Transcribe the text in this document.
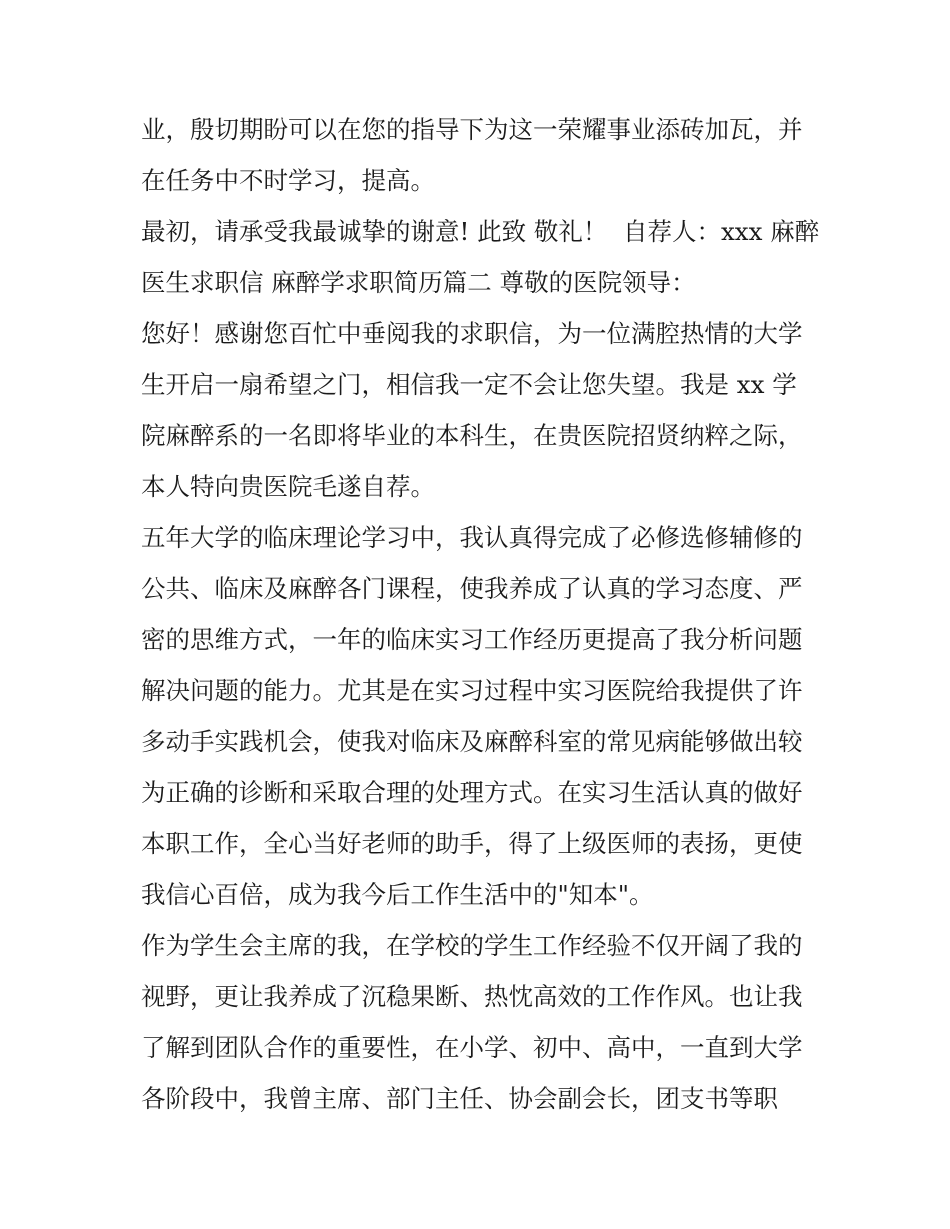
业，殷切期盼可以在您的指导下为这一荣耀事业添砖加瓦，并
在任务中不时学习，提高。
最初，请承受我最诚挚的谢意! 此致 敬礼！  自荐人：xxx 麻醉
医生求职信 麻醉学求职简历篇二 尊敬的医院领导：
您好！感谢您百忙中垂阅我的求职信，为一位满腔热情的大学
生开启一扇希望之门，相信我一定不会让您失望。我是 xx 学
院麻醉系的一名即将毕业的本科生，在贵医院招贤纳粹之际，
本人特向贵医院毛遂自荐。
五年大学的临床理论学习中，我认真得完成了必修选修辅修的
公共、临床及麻醉各门课程，使我养成了认真的学习态度、严
密的思维方式，一年的临床实习工作经历更提高了我分析问题
解决问题的能力。尤其是在实习过程中实习医院给我提供了许
多动手实践机会，使我对临床及麻醉科室的常见病能够做出较
为正确的诊断和采取合理的处理方式。在实习生活认真的做好
本职工作，全心当好老师的助手，得了上级医师的表扬，更使
我信心百倍，成为我今后工作生活中的"知本"。
作为学生会主席的我，在学校的学生工作经验不仅开阔了我的
视野，更让我养成了沉稳果断、热忱高效的工作作风。也让我
了解到团队合作的重要性，在小学、初中、高中，一直到大学
各阶段中，我曾主席、部门主任、协会副会长，团支书等职
